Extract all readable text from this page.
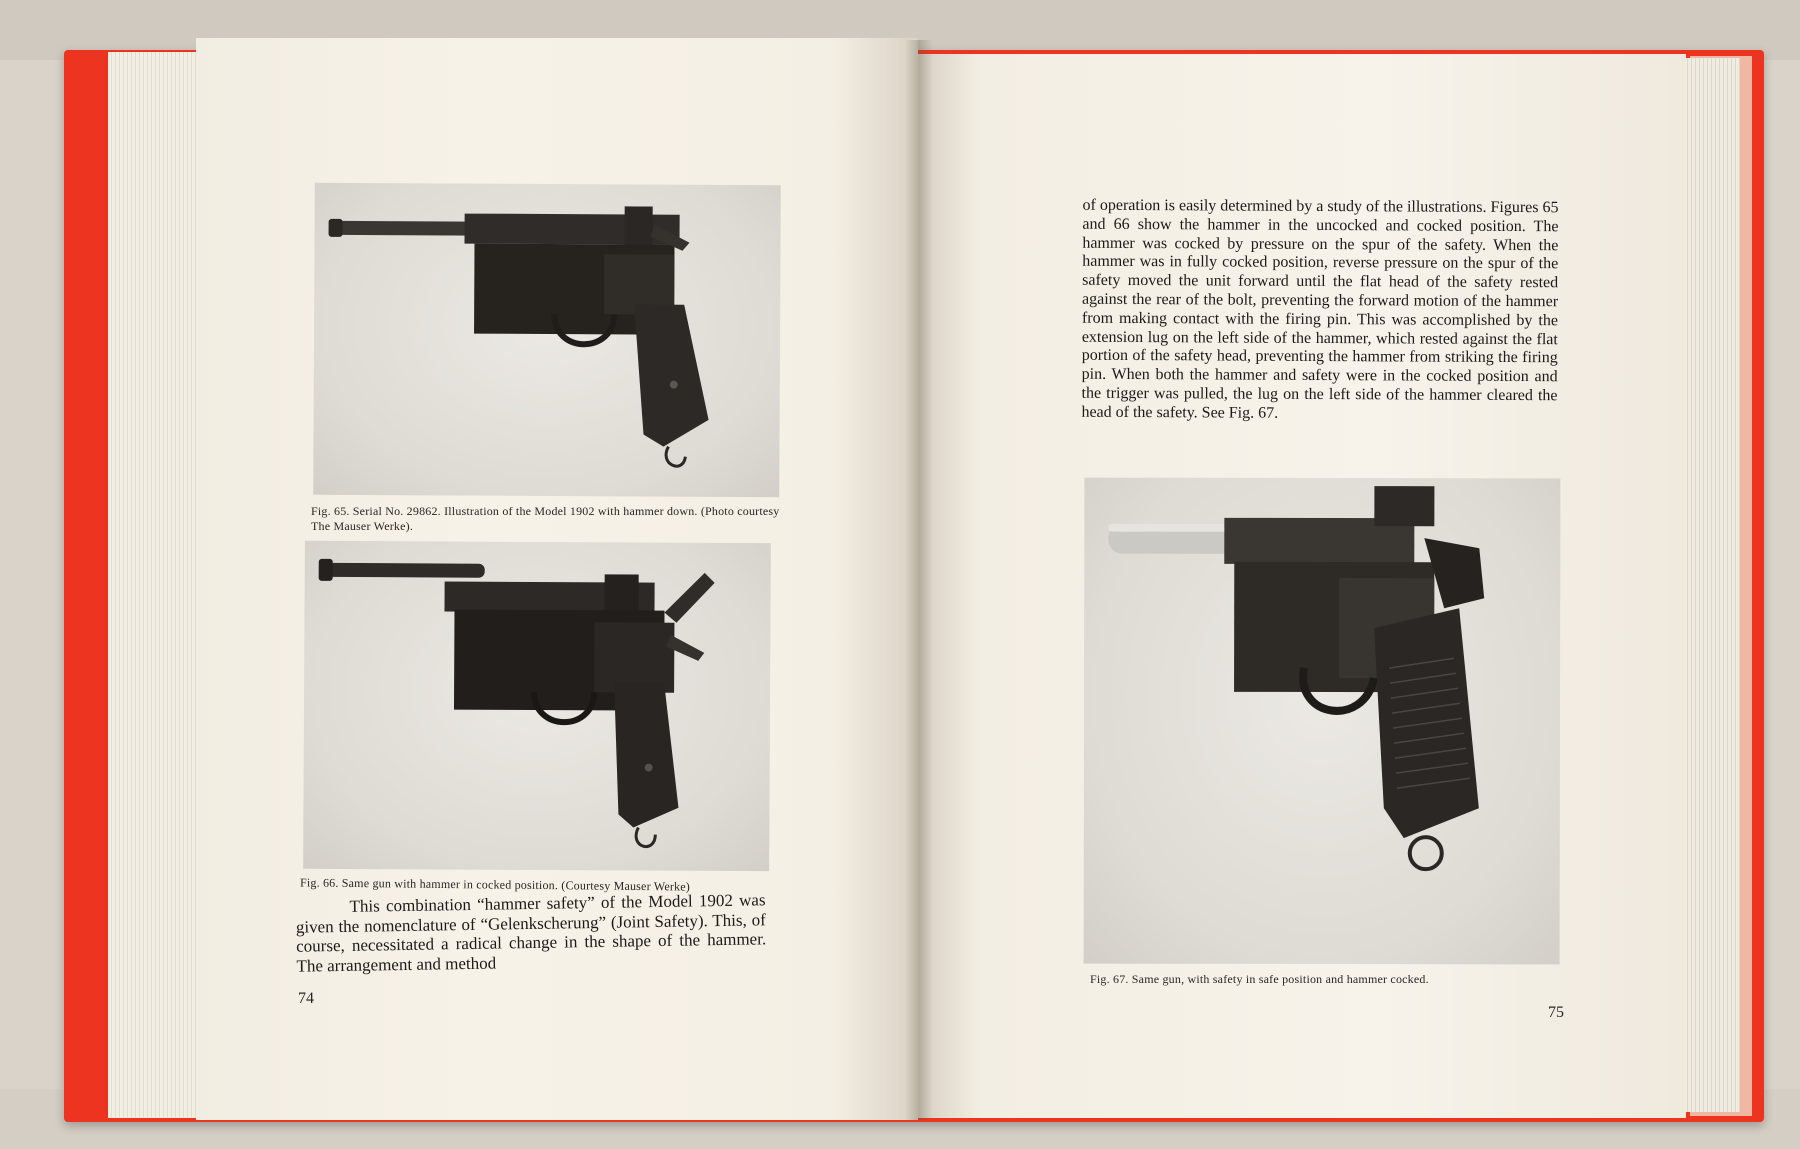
Fig. 65. Serial No. 29862. Illustration of the Model 1902 with hammer down. (Photo courtesy The Mauser Werke).
Fig. 66. Same gun with hammer in cocked position. (Courtesy Mauser Werke)

This combination “hammer safety” of the Model 1902 was given the nomenclature of “Gelenkscherung” (Joint Safety). This, of course, necessitated a radical change in the shape of the hammer. The arrangement and method

74
of operation is easily determined by a study of the illustrations. Figures 65 and 66 show the hammer in the uncocked and cocked position. The hammer was cocked by pressure on the spur of the safety. When the hammer was in fully cocked position, reverse pressure on the spur of the safety moved the unit forward until the flat head of the safety rested against the rear of the bolt, preventing the forward motion of the hammer from making contact with the firing pin. This was accomplished by the extension lug on the left side of the hammer, which rested against the flat portion of the safety head, preventing the hammer from striking the firing pin. When both the hammer and safety were in the cocked position and the trigger was pulled, the lug on the left side of the hammer cleared the head of the safety. See Fig. 67.
Fig. 67. Same gun, with safety in safe position and hammer cocked.
75
